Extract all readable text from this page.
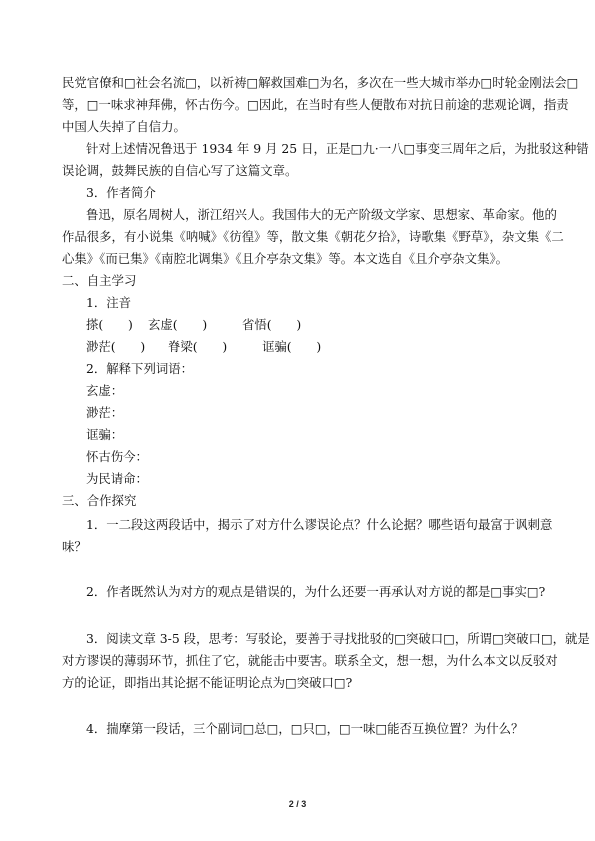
民党官僚和□社会名流□，以祈祷□解救国难□为名，多次在一些大城市举办□时轮金刚法会□
等，□一味求神拜佛，怀古伤今。□因此，在当时有些人便散布对抗日前途的悲观论调，指责
中国人失掉了自信力。
针对上述情况鲁迅于 1934 年 9 月 25 日，正是□九·一八□事变三周年之后，为批驳这种错
误论调，鼓舞民族的自信心写了这篇文章。
3．作者简介
鲁迅，原名周树人，浙江绍兴人。我国伟大的无产阶级文学家、思想家、革命家。他的
作品很多，有小说集《呐喊》《彷徨》等，散文集《朝花夕拾》，诗歌集《野草》，杂文集《二
心集》《而已集》《南腔北调集》《且介亭杂文集》等。本文选自《且介亭杂文集》。
二、自主学习
1．注音
搽(　　)	玄虚(　　)	省悟(　　)
渺茫(　　)	脊梁(　　)	诓骗(　　)
2．解释下列词语：
玄虚：
渺茫：
诓骗：
怀古伤今：
为民请命：
三、合作探究
1．一二段这两段话中，揭示了对方什么谬误论点？什么论据？哪些语句最富于讽刺意
味？
2．作者既然认为对方的观点是错误的，为什么还要一再承认对方说的都是□事实□?
3．阅读文章 3-5 段，思考：写驳论，要善于寻找批驳的□突破口□，所谓□突破口□，就是
对方谬误的薄弱环节，抓住了它，就能击中要害。联系全文，想一想，为什么本文以反驳对
方的论证，即指出其论据不能证明论点为□突破口□?
4．揣摩第一段话，三个副词□总□，□只□，□一味□能否互换位置？为什么？
2 / 3
